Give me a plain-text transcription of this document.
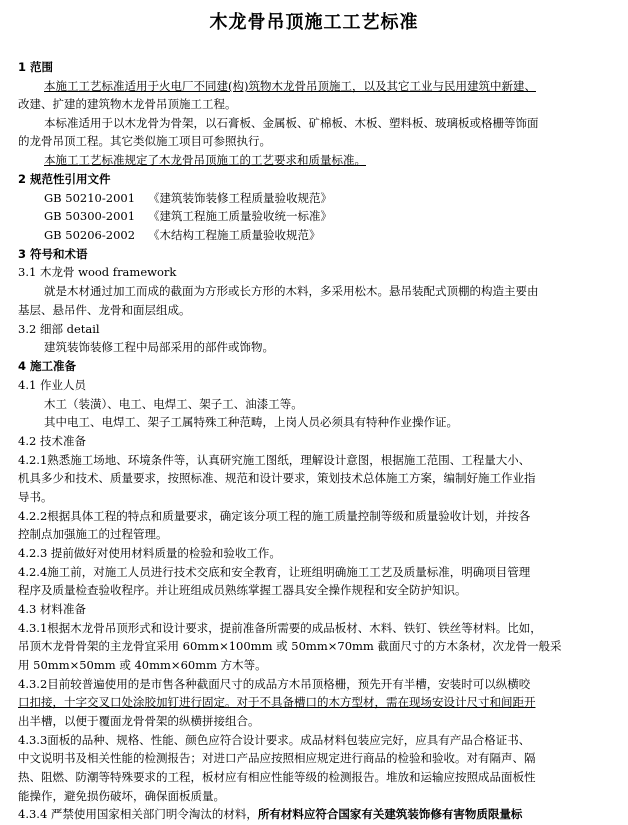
木龙骨吊顶施工工艺标准
1 范围
本施工工艺标准适用于火电厂不同建(构)筑物木龙骨吊顶施工，以及其它工业与民用建筑中新建、
改建、扩建的建筑物木龙骨吊顶施工工程。
本标准适用于以木龙骨为骨架，以石膏板、金属板、矿棉板、木板、塑料板、玻璃板或格栅等饰面
的龙骨吊顶工程。其它类似施工项目可参照执行。
本施工工艺标准规定了木龙骨吊顶施工的工艺要求和质量标准。
2 规范性引用文件
GB 50210-2001 《建筑装饰装修工程质量验收规范》
GB 50300-2001 《建筑工程施工质量验收统一标准》
GB 50206-2002 《木结构工程施工质量验收规范》
3 符号和术语
3.1 木龙骨 wood framework
就是木材通过加工而成的截面为方形或长方形的木料，多采用松木。悬吊装配式顶棚的构造主要由
基层、悬吊件、龙骨和面层组成。
3.2 细部 detail
建筑装饰装修工程中局部采用的部件或饰物。
4 施工准备
4.1 作业人员
木工（装潢）、电工、电焊工、架子工、油漆工等。
其中电工、电焊工、架子工属特殊工种范畴，上岗人员必须具有特种作业操作证。
4.2 技术准备
4.2.1熟悉施工场地、环境条件等，认真研究施工图纸，理解设计意图，根据施工范围、工程量大小、
机具多少和技术、质量要求，按照标准、规范和设计要求，策划技术总体施工方案，编制好施工作业指
导书。
4.2.2根据具体工程的特点和质量要求，确定该分项工程的施工质量控制等级和质量验收计划，并按各
控制点加强施工的过程管理。
4.2.3 提前做好对使用材料质量的检验和验收工作。
4.2.4施工前，对施工人员进行技术交底和安全教育，让班组明确施工工艺及质量标准，明确项目管理
程序及质量检查验收程序。并让班组成员熟练掌握工器具安全操作规程和安全防护知识。
4.3 材料准备
4.3.1根据木龙骨吊顶形式和设计要求，提前准备所需要的成品板材、木料、铁钉、铁丝等材料。比如，
吊顶木龙骨骨架的主龙骨宜采用 60mm×100mm 或 50mm×70mm 截面尺寸的方木条材，次龙骨一般采
用 50mm×50mm 或 40mm×60mm 方木等。
4.3.2目前较普遍使用的是市售各种截面尺寸的成品方木吊顶格栅，预先开有半槽，安装时可以纵横咬
口扣接，十字交叉口处涂胶加钉进行固定。对于不具备槽口的木方型材，需在现场安设计尺寸和间距开
出半槽，以便于覆面龙骨骨架的纵横拼接组合。
4.3.3面板的品种、规格、性能、颜色应符合设计要求。成品材料包装应完好，应具有产品合格证书、
中文说明书及相关性能的检测报告；对进口产品应按照相应规定进行商品的检验和验收。对有隔声、隔
热、阻燃、防潮等特殊要求的工程，板材应有相应性能等级的检测报告。堆放和运输应按照成品面板性
能操作，避免损伤破坏，确保面板质量。
4.3.4 严禁使用国家相关部门明令淘汰的材料，所有材料应符合国家有关建筑装饰修有害物质限量标
